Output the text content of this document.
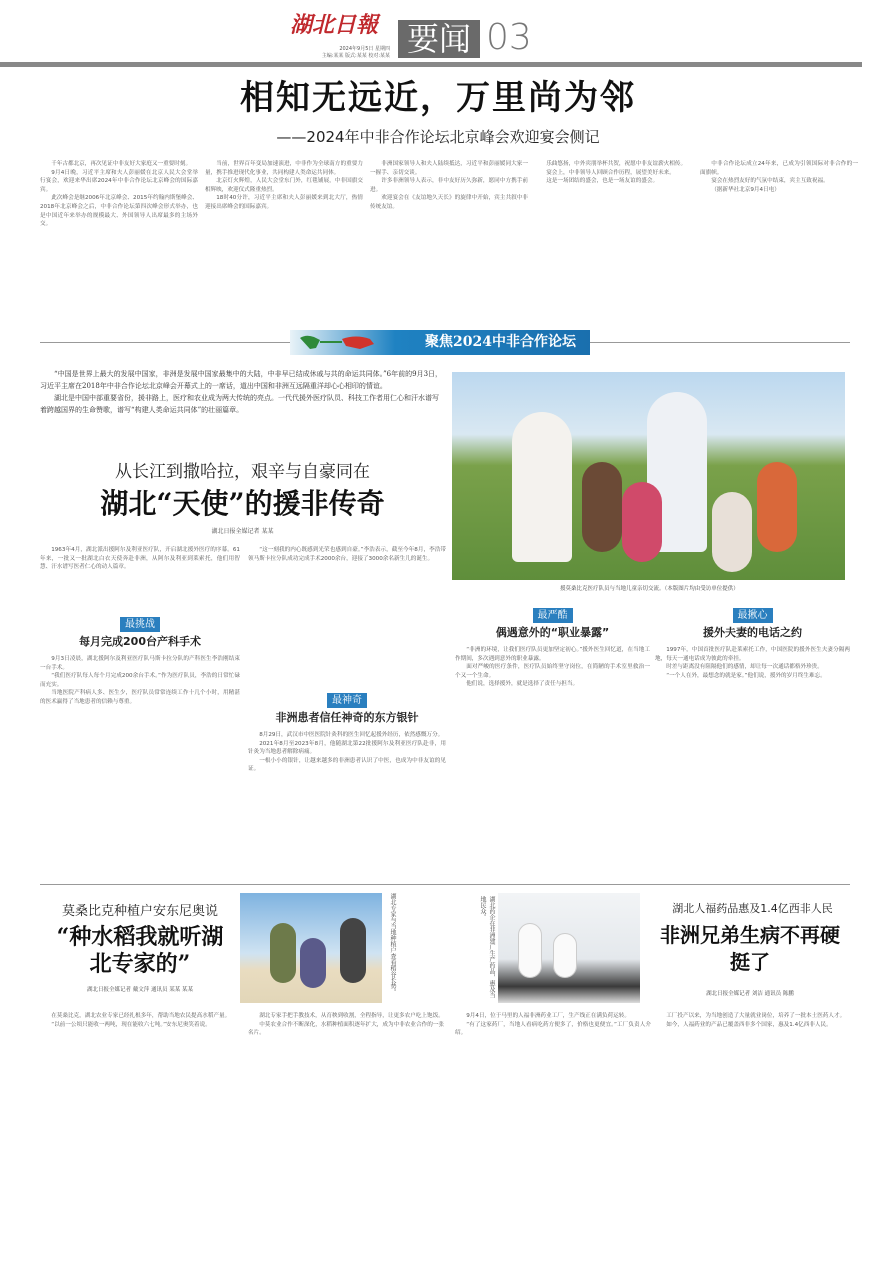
湖北日報
2024年9月5日 星期四
主编:某某 版式:某某 校对:某某 要闻 03
相知无远近，万里尚为邻
——2024年中非合作论坛北京峰会欢迎宴会侧记
聚焦2024中非合作论坛

“中国是世界上最大的发展中国家，非洲是发展中国家最集中的大陆，中非早已结成休戚与共的命运共同体。”6年前的9月3日，习近平主席在2018年中非合作论坛北京峰会开幕式上的一席话，道出中国和非洲互远隔重洋却心心相印的情谊。

湖北是中国中部重要省份，援非路上，医疗和农业成为两大传统的亮点。一代代援外医疗队员、科技工作者用仁心和汗水谱写着跨越国界的生命赞歌，谱写“构建人类命运共同体”的壮丽篇章。

援莫桑比克医疗队员与当地儿童亲切交流。（本版图片均由受访单位提供）
从长江到撒哈拉，艰辛与自豪同在
湖北“天使”的援非传奇
湖北日报全媒记者 某某

1963年4月，湖北派出援阿尔及利亚医疗队，开启湖北援外医疗的序幕。61年来，一批又一批湖北白衣天使奔赴非洲，从阿尔及利亚到莱索托，他们用智慧、汗水谱写医者仁心的动人篇章。

“这一刻我的内心既感到光荣也感到自豪。”李浩表示，截至今年8月，李浩带领马斯卡拉分队成功完成手术2000余台，迎接了3000余名新生儿的诞生。

莫桑比克种植户安东尼奥说
“种水稻我就听湖北专家的”
湖北日报全媒记者 戴文萍 通讯员 某某 某某	湖北专家与当地种植户查看稻谷长势。	湖北药企在非洲建厂生产药品，惠及当地民众。	湖北人福药品惠及1.4亿西非人民
非洲兄弟生病不再硬挺了
湖北日报全媒记者 刘洁 通讯员 陈鹏

千年古都北京，再次见证中非友好大家庭又一重要时刻。

9月4日晚，习近平主席和夫人彭丽媛在北京人民大会堂举行宴会，欢迎来华出席2024年中非合作论坛北京峰会的国际嘉宾。

此次峰会是继2006年北京峰会、2015年约翰内斯堡峰会、2018年北京峰会之后，中非合作论坛第四次峰会形式举办，也是中国近年来举办的规模最大、外国领导人出席最多的主场外交。

当前，世界百年变局加速演进，中非作为全球南方的重要力量，携手推进现代化事业，共同构建人类命运共同体。

北京灯火辉煌，人民大会堂东门外，红毯铺展，中非国旗交相辉映，欢迎仪式隆重热烈。

18时40分许，习近平主席和夫人彭丽媛来到北大厅，热情迎接出席峰会的国际嘉宾。

非洲国家领导人和夫人陆续抵达，习近平和彭丽媛同大家一一握手、亲切交谈。

许多非洲领导人表示，非中友好历久弥新，愿同中方携手前进。

欢迎宴会在《友谊地久天长》的旋律中开始，宾主共叙中非传统友谊。

乐曲悠扬，中外宾朋举杯共贺，祝愿中非友谊薪火相传。

宴会上，中非领导人回顾合作历程，展望美好未来。

这是一场团结的盛会，也是一场友谊的盛会。

中非合作论坛成立24年来，已成为引领国际对非合作的一面旗帜。

宴会在热烈友好的气氛中结束，宾主互致祝福。

（据新华社北京9月4日电）

最挑战
每月完成200台产科手术

9月3日凌晨，湖北援阿尔及利亚医疗队马斯卡拉分队的产科医生李浩刚结束一台手术。

“我们医疗队每人每个月完成200余台手术。”作为医疗队员，李浩的日常忙碌而充实。

当地医院产科病人多、医生少，医疗队员常常连续工作十几个小时，用精湛的医术赢得了当地患者的信赖与尊重。	最神奇
非洲患者信任神奇的东方银针

8月29日，武汉市中医医院针灸科的医生回忆起援外经历，依然感慨万分。

2021年8月至2023年8月，他随湖北第22批援阿尔及利亚医疗队赴非，用针灸为当地患者解除病痛。

一根小小的银针，让越来越多的非洲患者认识了中医，也成为中非友谊的见证。

最严酷
偶遇意外的“职业暴露”

“非洲的环境，让我们医疗队员更加坚定初心。”援外医生回忆道，在当地工作期间，多次遇到意外的职业暴露。

面对严峻的医疗条件，医疗队员始终坚守岗位，在简陋的手术室里救治一个又一个生命。

他们说，选择援外，就是选择了责任与担当。

最揪心
援外夫妻的电话之约

1997年，中国首批医疗队赴莱索托工作，中国医院的援外医生夫妻分隔两地，每天一通电话成为彼此的牵挂。

时差与距离没有阻隔他们的感情，却让每一次通话都格外珍贵。

“一个人在外，最想念的就是家。”他们说，援外的岁月终生难忘。

在莫桑比克，湖北农业专家已经扎根多年，帮助当地农民提高水稻产量。

“以前一公顷只能收一两吨，现在能收六七吨。”安东尼奥笑着说。

湖北专家手把手教技术，从育秧到收割，全程指导，让更多农户吃上饱饭。

中莫农业合作不断深化，水稻种植面积逐年扩大，成为中非农业合作的一张名片。

9月4日，位于马里的人福非洲药业工厂，生产线正在满负荷运转。

“有了这家药厂，当地人看病吃药方便多了，价格也更便宜。”工厂负责人介绍。

工厂投产以来，为当地创造了大量就业岗位，培养了一批本土医药人才。

如今，人福药业的产品已覆盖西非多个国家，惠及1.4亿西非人民。
